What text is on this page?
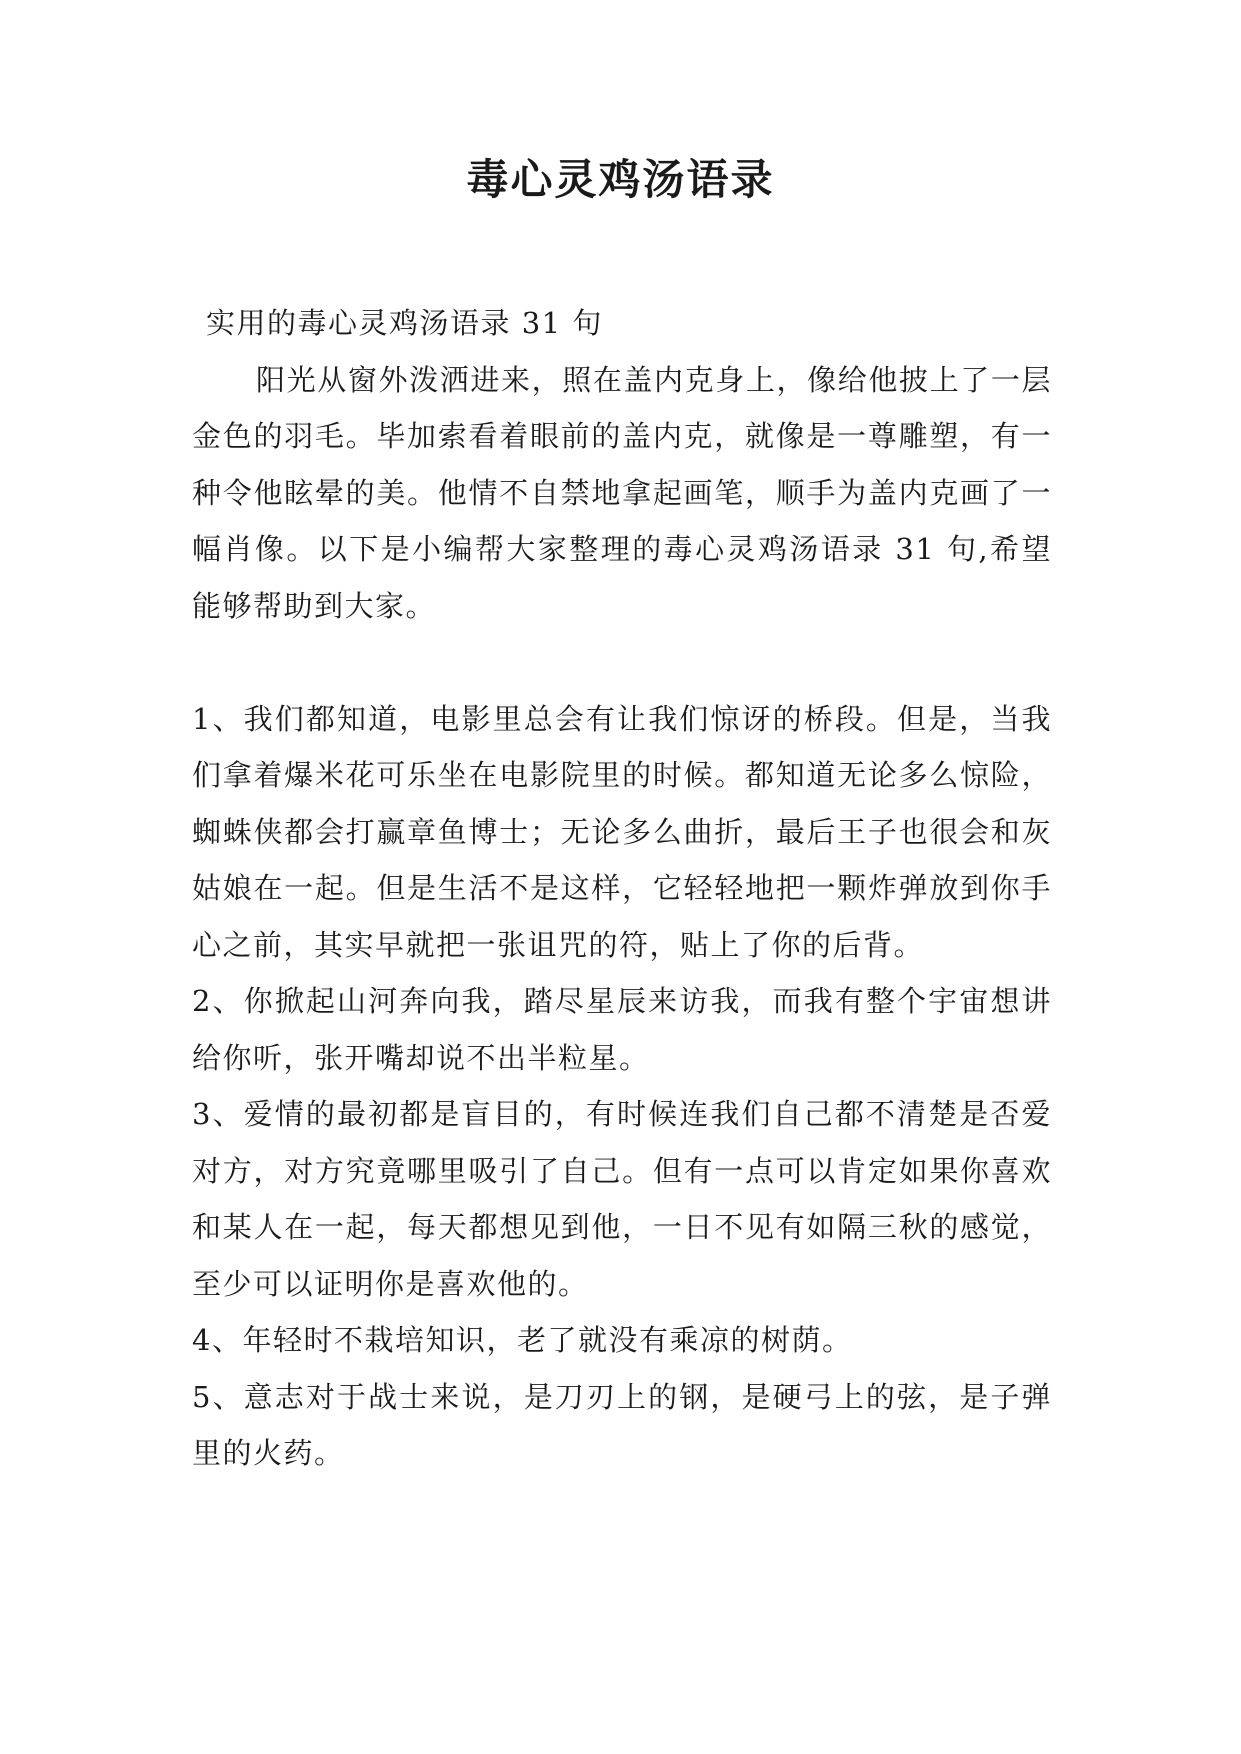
毒心灵鸡汤语录

实用的毒心灵鸡汤语录 31 句

阳光从窗外泼洒进来，照在盖内克身上，像给他披上了一层金色的羽毛。毕加索看着眼前的盖内克，就像是一尊雕塑，有一种令他眩晕的美。他情不自禁地拿起画笔，顺手为盖内克画了一幅肖像。以下是小编帮大家整理的毒心灵鸡汤语录 31 句,希望能够帮助到大家。

1、我们都知道，电影里总会有让我们惊讶的桥段。但是，当我们拿着爆米花可乐坐在电影院里的时候。都知道无论多么惊险，蜘蛛侠都会打赢章鱼博士；无论多么曲折，最后王子也很会和灰姑娘在一起。但是生活不是这样，它轻轻地把一颗炸弹放到你手心之前，其实早就把一张诅咒的符，贴上了你的后背。

2、你掀起山河奔向我，踏尽星辰来访我，而我有整个宇宙想讲给你听，张开嘴却说不出半粒星。

3、爱情的最初都是盲目的，有时候连我们自己都不清楚是否爱对方，对方究竟哪里吸引了自己。但有一点可以肯定如果你喜欢和某人在一起，每天都想见到他，一日不见有如隔三秋的感觉，至少可以证明你是喜欢他的。

4、年轻时不栽培知识，老了就没有乘凉的树荫。

5、意志对于战士来说，是刀刃上的钢，是硬弓上的弦，是子弹里的火药。
